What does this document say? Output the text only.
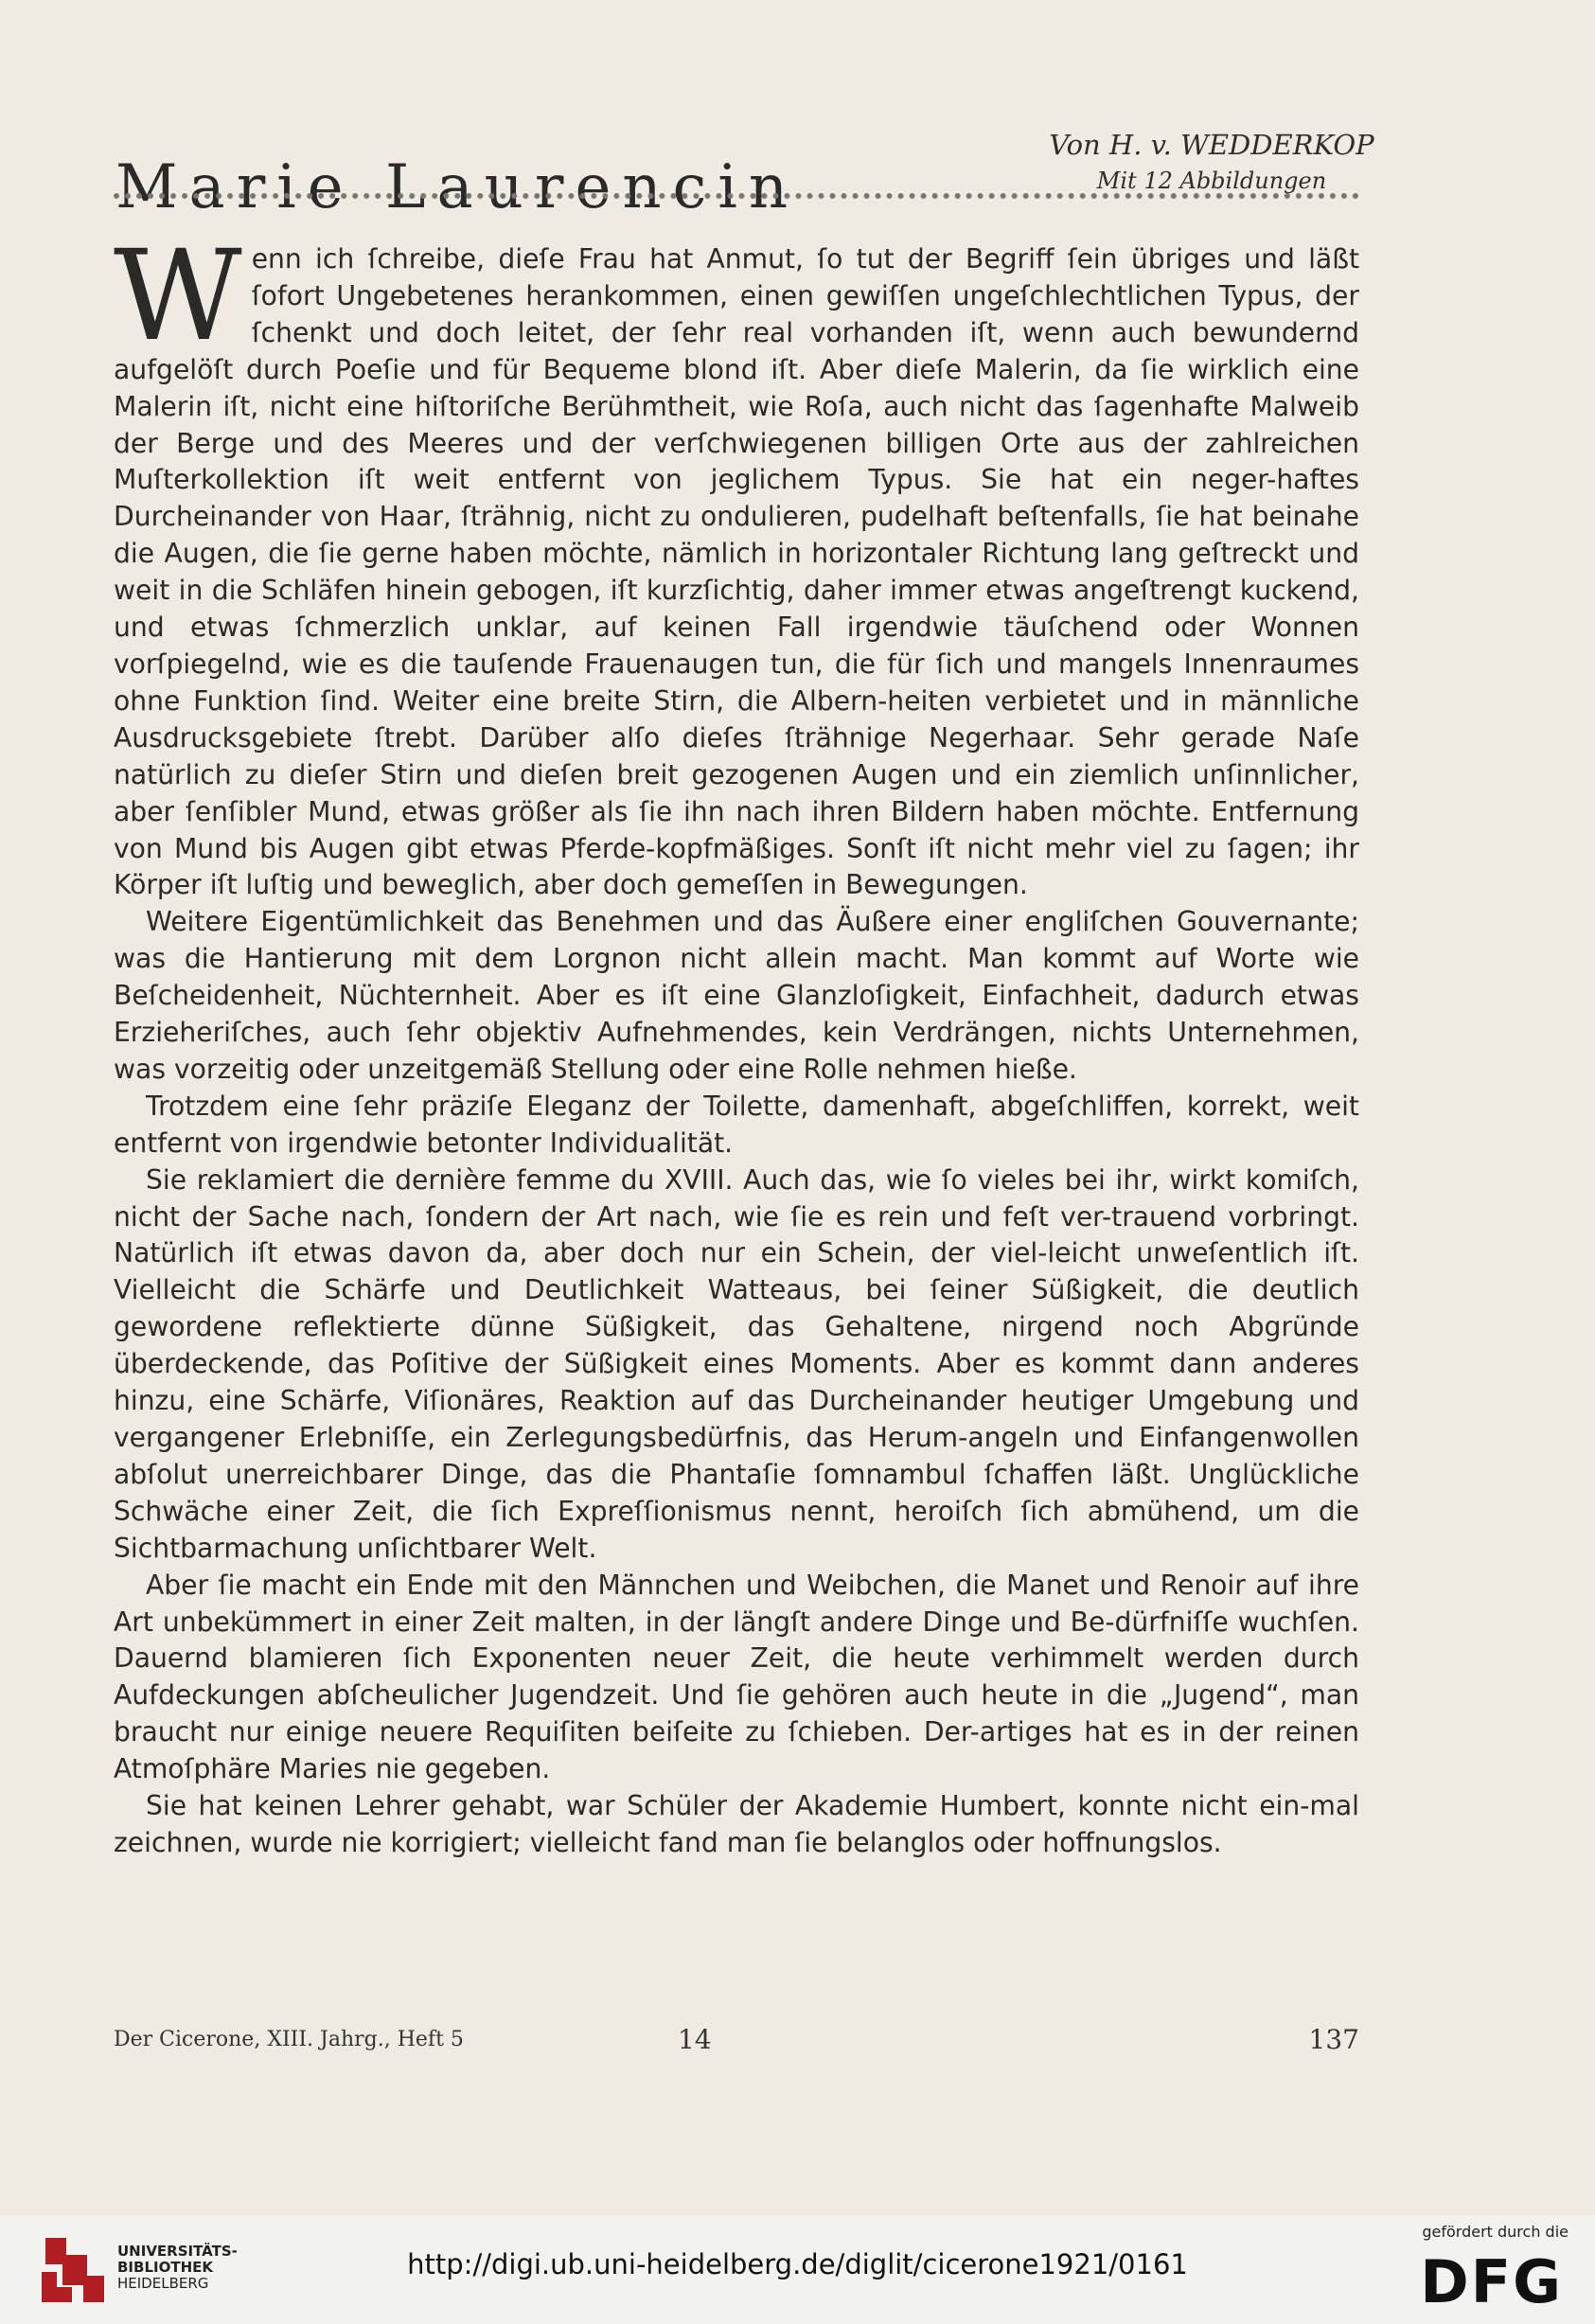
Marie Laurencin
Von H. v. WEDDERKOP
Mit 12 Abbildungen

Wenn ich ſchreibe, dieſe Frau hat Anmut, ſo tut der Begriff ſein übriges und läßt ſofort Ungebetenes herankommen, einen gewiſſen ungeſchlechtlichen Typus, der ſchenkt und doch leitet, der ſehr real vorhanden iſt, wenn auch bewundernd aufgelöſt durch Poeſie und für Bequeme blond iſt. Aber dieſe Malerin, da ſie wirklich eine Malerin iſt, nicht eine hiſtoriſche Berühmtheit, wie Roſa, auch nicht das ſagenhafte Malweib der Berge und des Meeres und der verſchwiegenen billigen Orte aus der zahlreichen Muſterkollektion iſt weit entfernt von jeglichem Typus. Sie hat ein neger-haftes Durcheinander von Haar, ſträhnig, nicht zu ondulieren, pudelhaft beſtenfalls, ſie hat beinahe die Augen, die ſie gerne haben möchte, nämlich in horizontaler Richtung lang geſtreckt und weit in die Schläfen hinein gebogen, iſt kurzſichtig, daher immer etwas angeſtrengt kuckend, und etwas ſchmerzlich unklar, auf keinen Fall irgendwie täuſchend oder Wonnen vorſpiegelnd, wie es die tauſende Frauenaugen tun, die für ſich und mangels Innenraumes ohne Funktion ſind. Weiter eine breite Stirn, die Albern-heiten verbietet und in männliche Ausdrucksgebiete ſtrebt. Darüber alſo dieſes ſträhnige Negerhaar. Sehr gerade Naſe natürlich zu dieſer Stirn und dieſen breit gezogenen Augen und ein ziemlich unſinnlicher, aber ſenſibler Mund, etwas größer als ſie ihn nach ihren Bildern haben möchte. Entfernung von Mund bis Augen gibt etwas Pferde-kopfmäßiges. Sonſt iſt nicht mehr viel zu ſagen; ihr Körper iſt luſtig und beweglich, aber doch gemeſſen in Bewegungen.

Weitere Eigentümlichkeit das Benehmen und das Äußere einer engliſchen Gouvernante; was die Hantierung mit dem Lorgnon nicht allein macht. Man kommt auf Worte wie Beſcheidenheit, Nüchternheit. Aber es iſt eine Glanzloſigkeit, Einfachheit, dadurch etwas Erzieheriſches, auch ſehr objektiv Aufnehmendes, kein Verdrängen, nichts Unternehmen, was vorzeitig oder unzeitgemäß Stellung oder eine Rolle nehmen hieße.

Trotzdem eine ſehr präziſe Eleganz der Toilette, damenhaft, abgeſchliffen, korrekt, weit entfernt von irgendwie betonter Individualität.

Sie reklamiert die dernière femme du XVIII. Auch das, wie ſo vieles bei ihr, wirkt komiſch, nicht der Sache nach, ſondern der Art nach, wie ſie es rein und feſt ver-trauend vorbringt. Natürlich iſt etwas davon da, aber doch nur ein Schein, der viel-leicht unweſentlich iſt. Vielleicht die Schärfe und Deutlichkeit Watteaus, bei ſeiner Süßigkeit, die deutlich gewordene reflektierte dünne Süßigkeit, das Gehaltene, nirgend noch Abgründe überdeckende, das Poſitive der Süßigkeit eines Moments. Aber es kommt dann anderes hinzu, eine Schärfe, Viſionäres, Reaktion auf das Durcheinander heutiger Umgebung und vergangener Erlebniſſe, ein Zerlegungsbedürfnis, das Herum-angeln und Einfangenwollen abſolut unerreichbarer Dinge, das die Phantaſie ſomnambul ſchaffen läßt. Unglückliche Schwäche einer Zeit, die ſich Expreſſionismus nennt, heroiſch ſich abmühend, um die Sichtbarmachung unſichtbarer Welt.

Aber ſie macht ein Ende mit den Männchen und Weibchen, die Manet und Renoir auf ihre Art unbekümmert in einer Zeit malten, in der längſt andere Dinge und Be-dürfniſſe wuchſen. Dauernd blamieren ſich Exponenten neuer Zeit, die heute verhimmelt werden durch Aufdeckungen abſcheulicher Jugendzeit. Und ſie gehören auch heute in die „Jugend“, man braucht nur einige neuere Requiſiten beiſeite zu ſchieben. Der-artiges hat es in der reinen Atmoſphäre Maries nie gegeben.

Sie hat keinen Lehrer gehabt, war Schüler der Akademie Humbert, konnte nicht ein-mal zeichnen, wurde nie korrigiert; vielleicht fand man ſie belanglos oder hoffnungslos.

Der Cicerone, XIII. Jahrg., Heft 5	14	137
UNIVERSITÄTS-
BIBLIOTHEK
HEIDELBERG
http://digi.ub.uni-heidelberg.de/diglit/cicerone1921/0161
gefördert durch die
DFG
